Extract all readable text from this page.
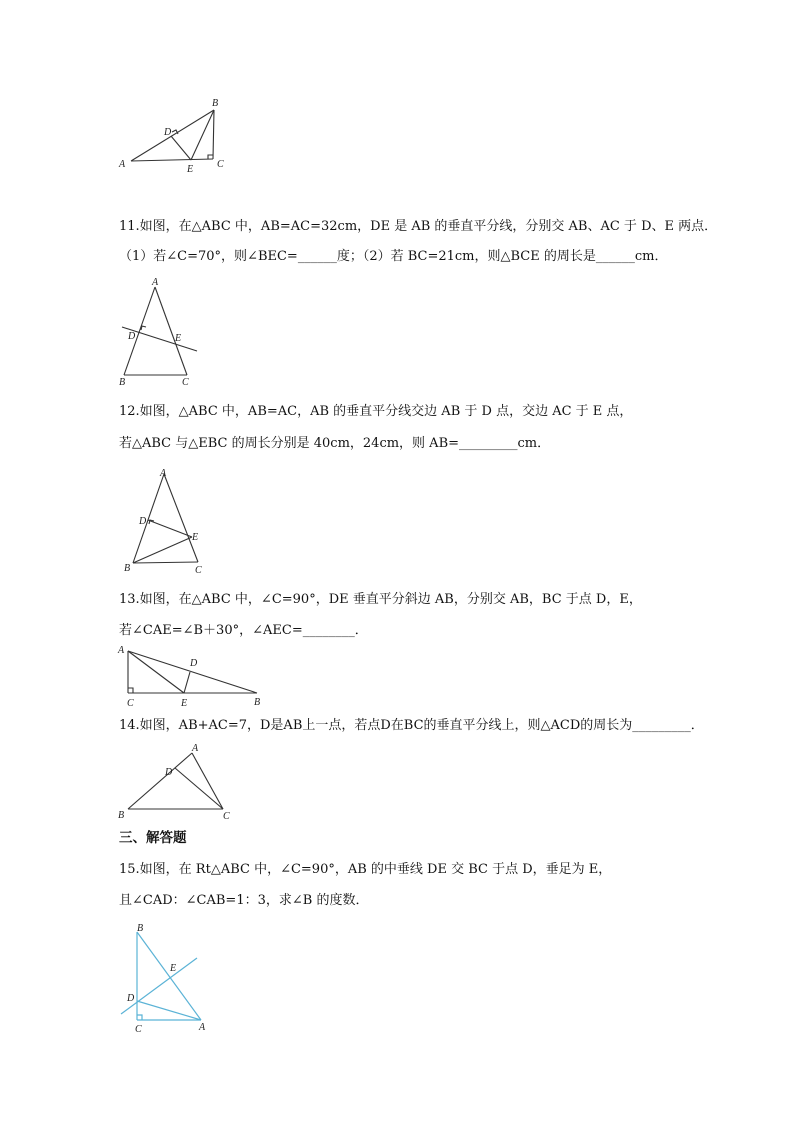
A
B
C
D
E
11.如图，在△ABC 中，AB=AC=32cm，DE 是 AB 的垂直平分线，分别交 AB、AC 于 D、E 两点．
（1）若∠C=70°，则∠BEC=______度；（2）若 BC=21cm，则△BCE 的周长是______cm．
A
B	C
D	E
12.如图，△ABC 中，AB=AC，AB 的垂直平分线交边 AB 于 D 点，交边 AC 于 E 点，
若△ABC 与△EBC 的周长分别是 40cm，24cm，则 AB=_________cm．
A
B	C
D
E
13.如图，在△ABC 中，∠C=90°，DE 垂直平分斜边 AB，分别交 AB，BC 于点 D，E，
若∠CAE=∠B＋30°，∠AEC=________．
A
B
C
D
E
14.如图，AB+AC=7，D是AB上一点，若点D在BC的垂直平分线上，则△ACD的周长为_________．
A
B	C
D
三、解答题
15.如图，在 Rt△ABC 中，∠C=90°，AB 的中垂线 DE 交 BC 于点 D，垂足为 E，
且∠CAD：∠CAB=1：3，求∠B 的度数．
B
C	A
D
E
